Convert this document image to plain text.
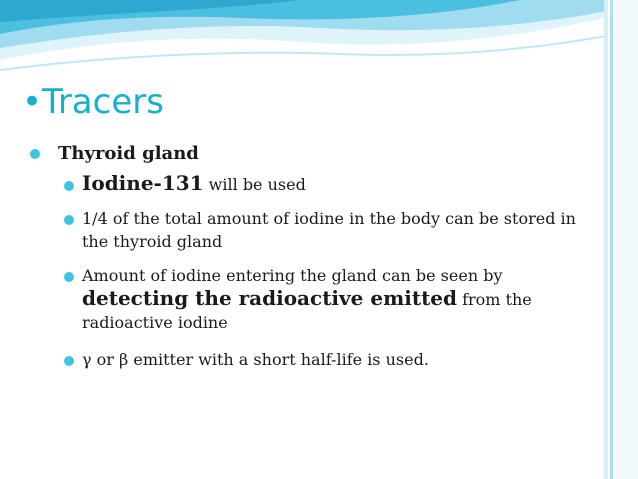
•Tracers
Thyroid gland
Iodine-131 will be used
1/4 of the total amount of iodine in the body can be stored in the thyroid gland
Amount of iodine entering the gland can be seen by detecting the radioactive emitted from the radioactive iodine
γ or β emitter with a short half-life is used.
